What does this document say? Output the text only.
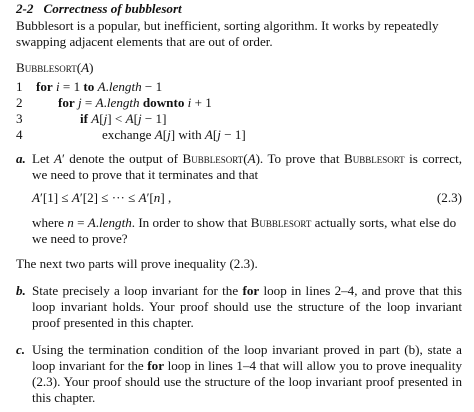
2-2 Correctness of bubblesort

Bubblesort is a popular, but inefficient, sorting algorithm. It works by repeatedly swapping adjacent elements that are out of order.

Bubblesort(A)
1 for i = 1 to A.length − 1
2	for j = A.length downto i + 1
3	if A[j] < A[j − 1]
4	exchange A[j] with A[j − 1]
a. Let A′ denote the output of Bubblesort(A). To prove that Bubblesort is correct, we need to prove that it terminates and that
A′[1] ≤ A′[2] ≤ ··· ≤ A′[n] ,	(2.3)
where n = A.length. In order to show that Bubblesort actually sorts, what else do we need to prove?

The next two parts will prove inequality (2.3).

b. State precisely a loop invariant for the for loop in lines 2–4, and prove that this loop invariant holds. Your proof should use the structure of the loop invariant proof presented in this chapter.
c. Using the termination condition of the loop invariant proved in part (b), state a loop invariant for the for loop in lines 1–4 that will allow you to prove inequality (2.3). Your proof should use the structure of the loop invariant proof presented in this chapter.
